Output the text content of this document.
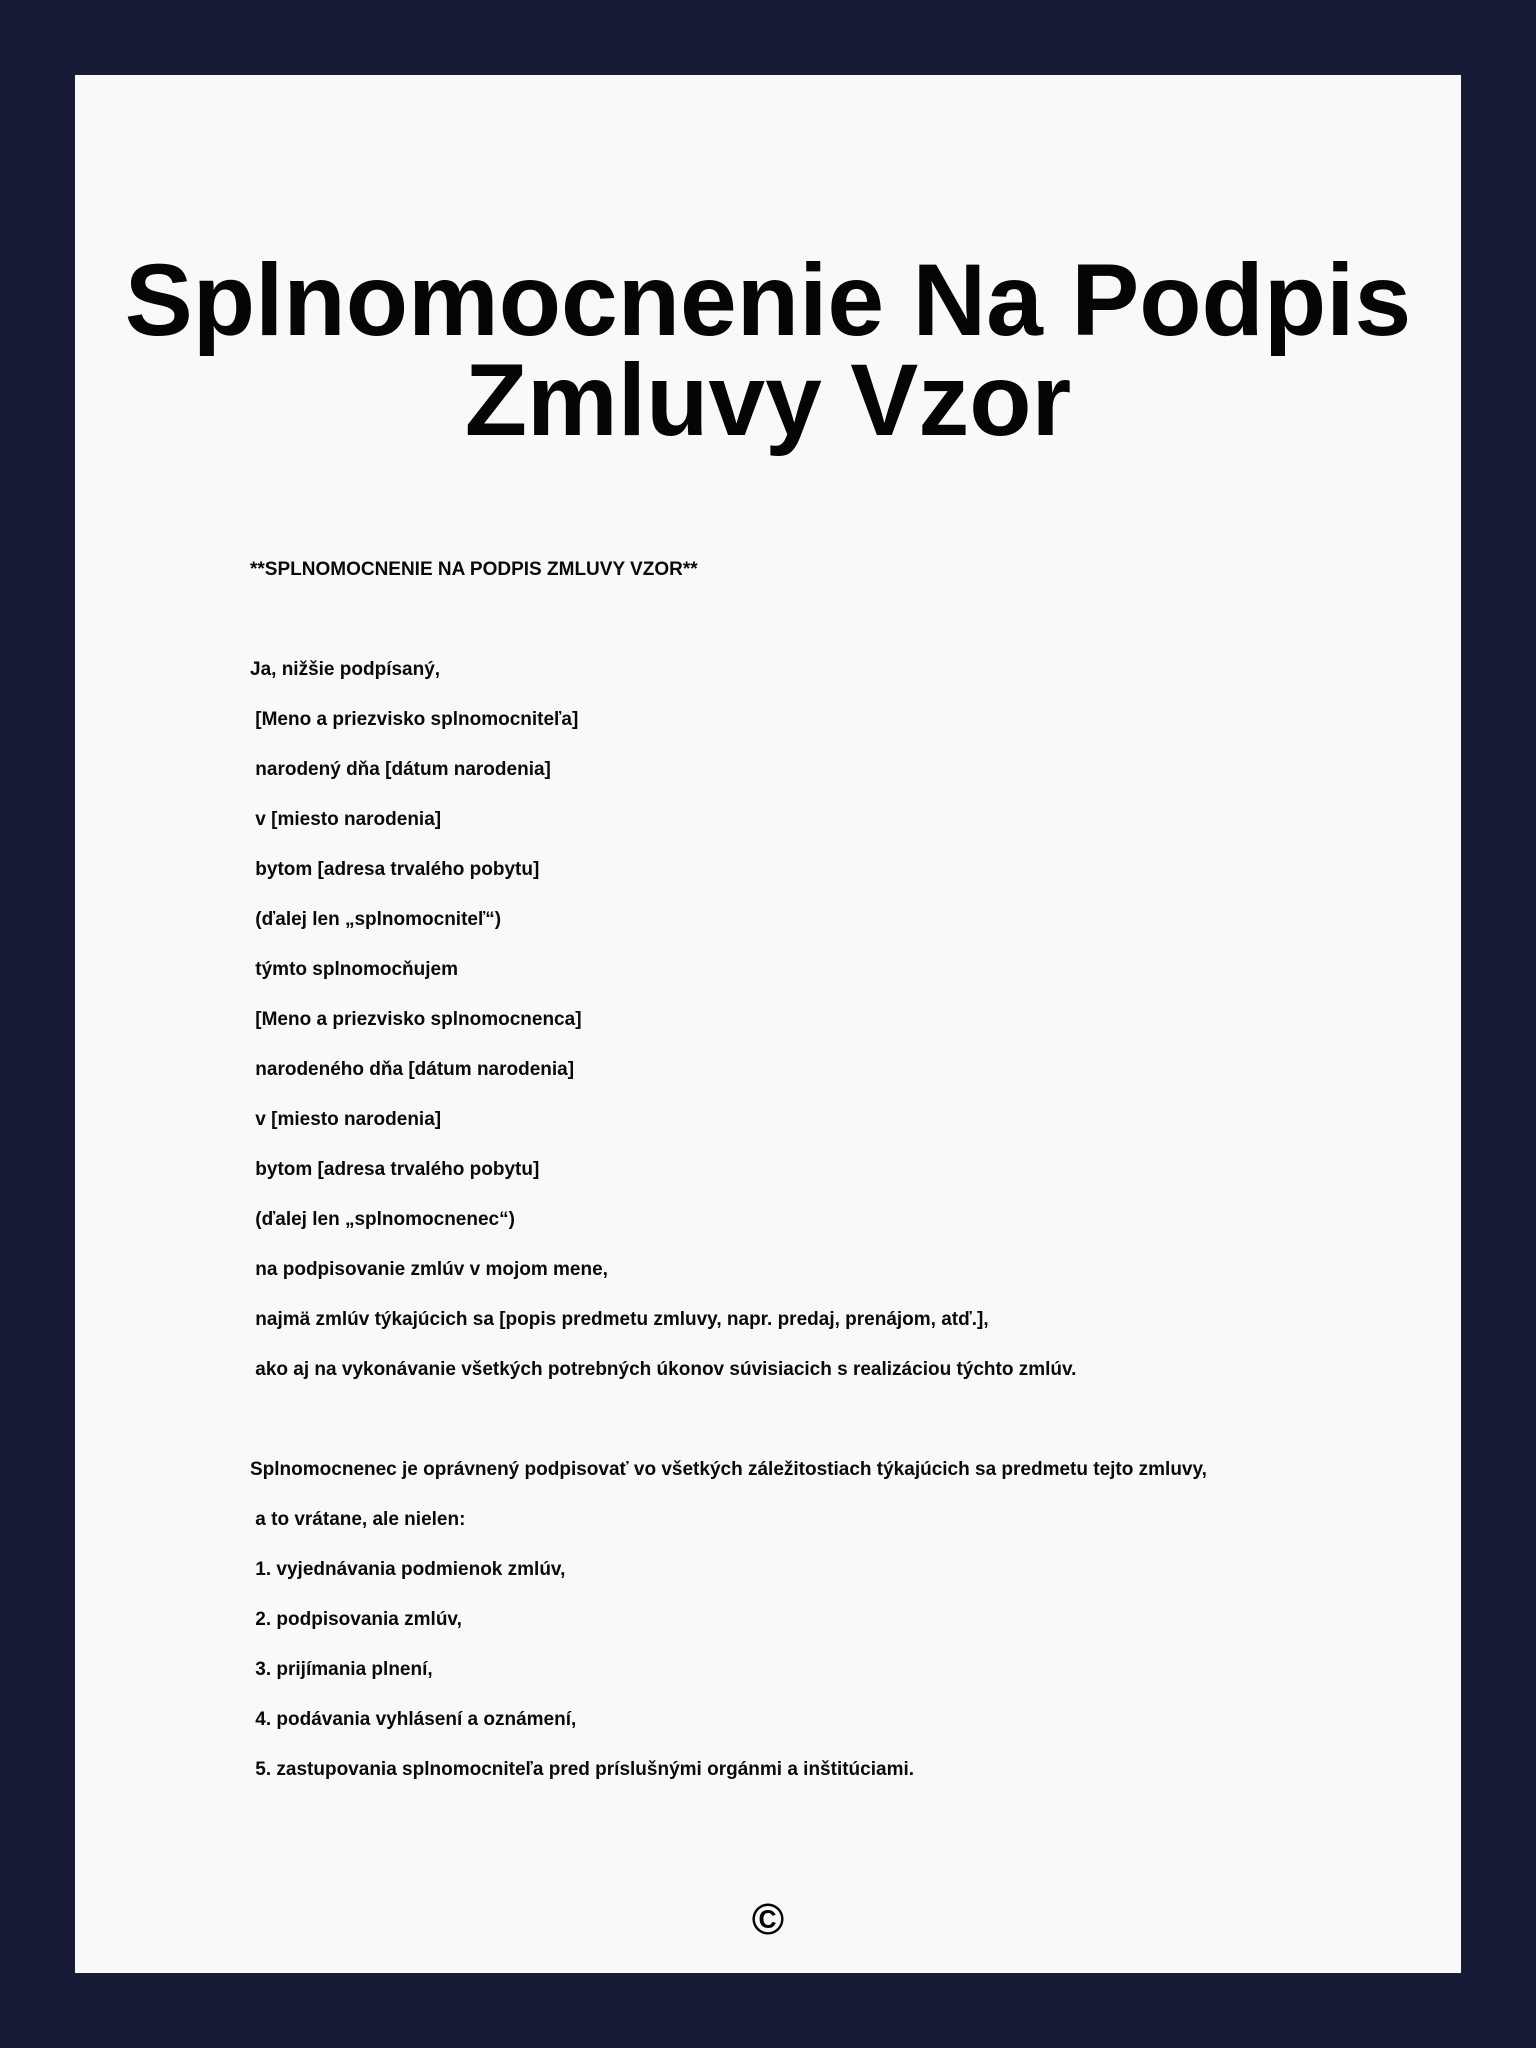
Splnomocnenie Na Podpis
Zmluvy Vzor
**SPLNOMOCNENIE NA PODPIS ZMLUVY VZOR**
Ja, nižšie podpísaný,
[Meno a priezvisko splnomocniteľa]
narodený dňa [dátum narodenia]
v [miesto narodenia]
bytom [adresa trvalého pobytu]
(ďalej len „splnomocniteľ“)
týmto splnomocňujem
[Meno a priezvisko splnomocnenca]
narodeného dňa [dátum narodenia]
v [miesto narodenia]
bytom [adresa trvalého pobytu]
(ďalej len „splnomocnenec“)
na podpisovanie zmlúv v mojom mene,
najmä zmlúv týkajúcich sa [popis predmetu zmluvy, napr. predaj, prenájom, atď.],
ako aj na vykonávanie všetkých potrebných úkonov súvisiacich s realizáciou týchto zmlúv.
Splnomocnenec je oprávnený podpisovať vo všetkých záležitostiach týkajúcich sa predmetu tejto zmluvy,
a to vrátane, ale nielen:
1. vyjednávania podmienok zmlúv,
2. podpisovania zmlúv,
3. prijímania plnení,
4. podávania vyhlásení a oznámení,
5. zastupovania splnomocniteľa pred príslušnými orgánmi a inštitúciami.
©
